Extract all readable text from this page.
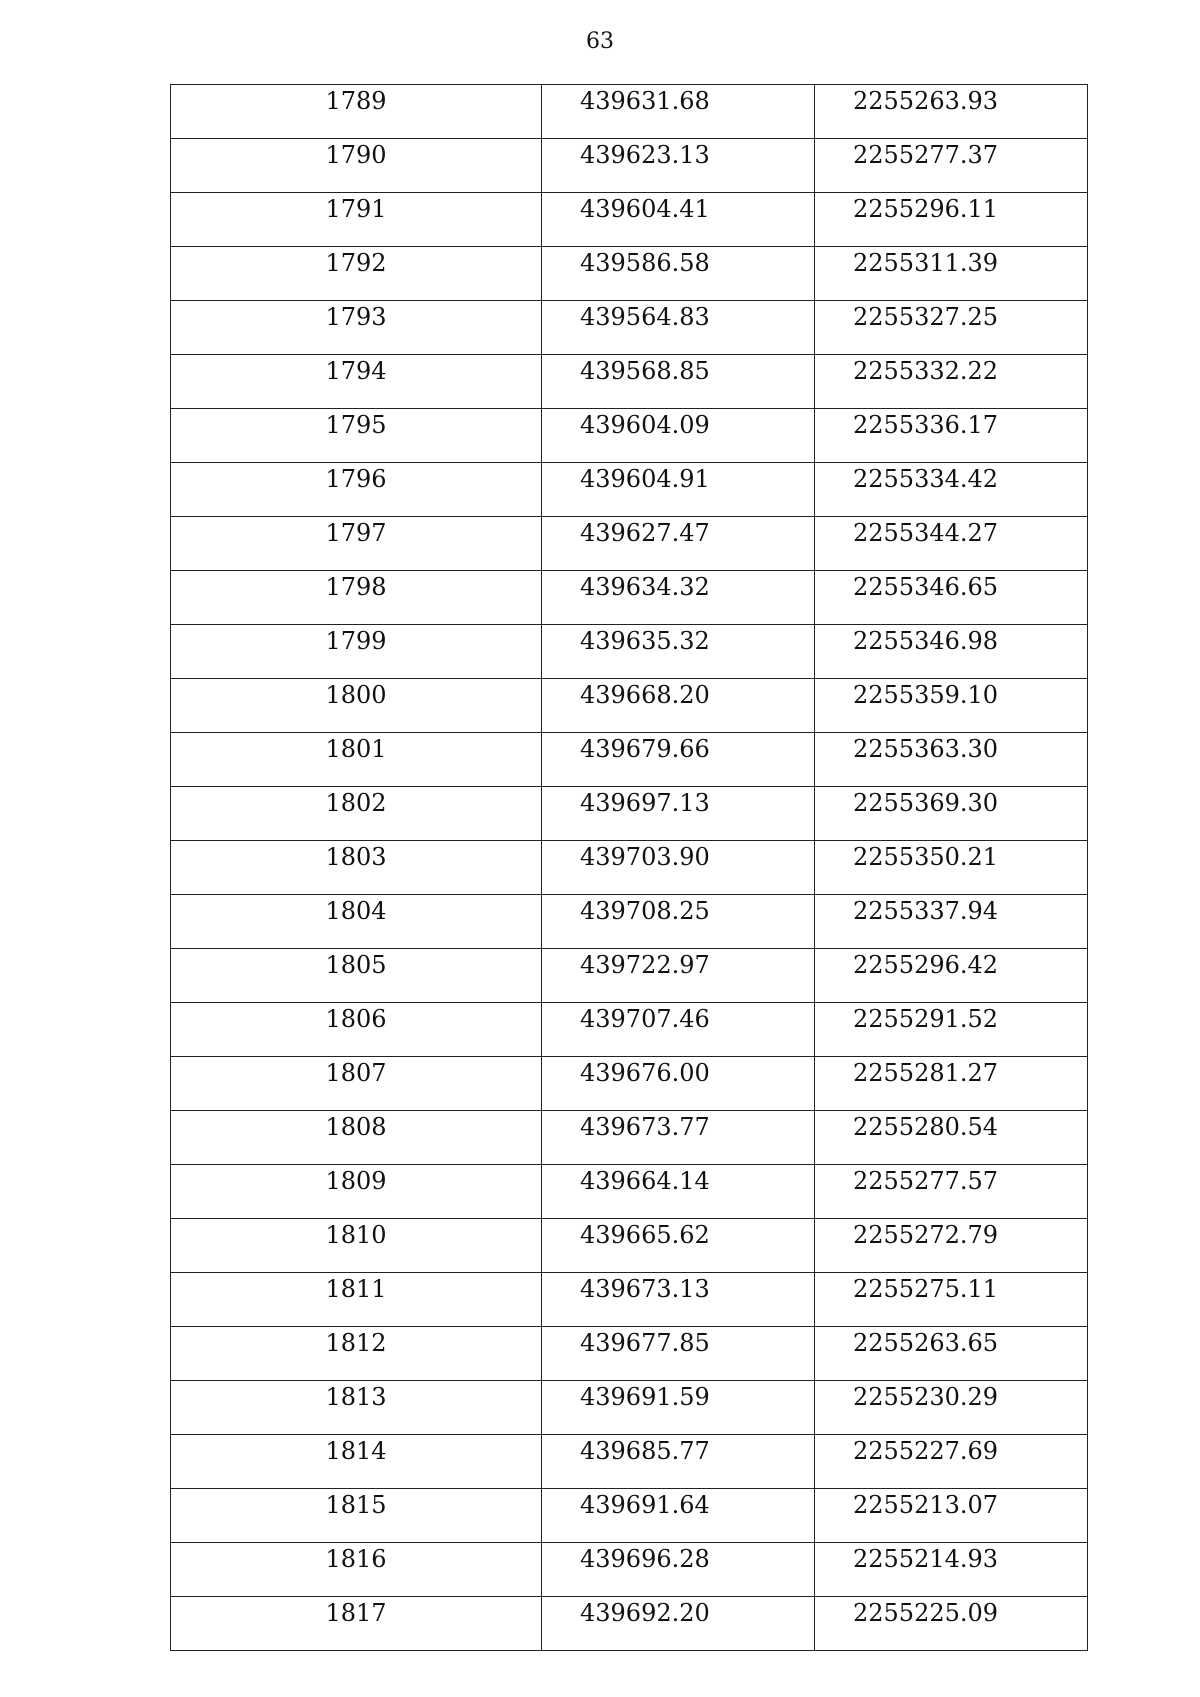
63
1789	439631.68	2255263.93

1790	439623.13	2255277.37

1791	439604.41	2255296.11

1792	439586.58	2255311.39

1793	439564.83	2255327.25

1794	439568.85	2255332.22

1795	439604.09	2255336.17

1796	439604.91	2255334.42

1797	439627.47	2255344.27

1798	439634.32	2255346.65

1799	439635.32	2255346.98

1800	439668.20	2255359.10

1801	439679.66	2255363.30

1802	439697.13	2255369.30

1803	439703.90	2255350.21

1804	439708.25	2255337.94

1805	439722.97	2255296.42

1806	439707.46	2255291.52

1807	439676.00	2255281.27

1808	439673.77	2255280.54

1809	439664.14	2255277.57

1810	439665.62	2255272.79

1811	439673.13	2255275.11

1812	439677.85	2255263.65

1813	439691.59	2255230.29

1814	439685.77	2255227.69

1815	439691.64	2255213.07

1816	439696.28	2255214.93

1817	439692.20	2255225.09
